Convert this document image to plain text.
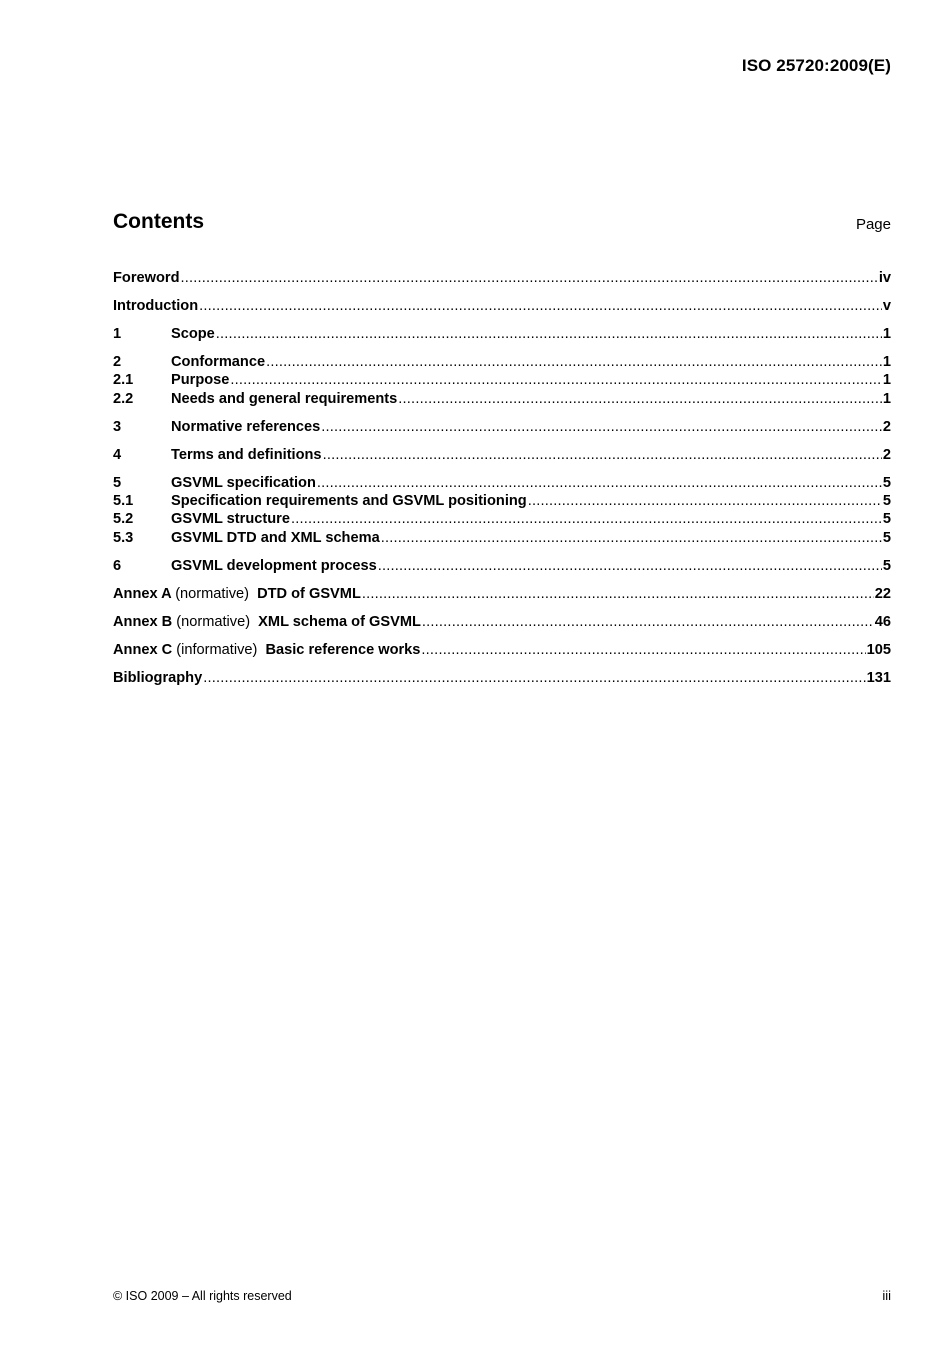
ISO 25720:2009(E)
Contents	Page
Foreword .....	iv
Introduction .....	v
1	Scope .....	1
2	Conformance .....	1
2.1	Purpose .....	1
2.2	Needs and general requirements .....	1
3	Normative references .....	2
4	Terms and definitions .....	2
5	GSVML specification .....	5
5.1	Specification requirements and GSVML positioning .....	5
5.2	GSVML structure .....	5
5.3	GSVML DTD and XML schema .....	5
6	GSVML development process .....	5
Annex A (normative) DTD of GSVML .....	22
Annex B (normative) XML schema of GSVML .....	46
Annex C (informative) Basic reference works .....	105
Bibliography .....	131
© ISO 2009 – All rights reserved	iii
